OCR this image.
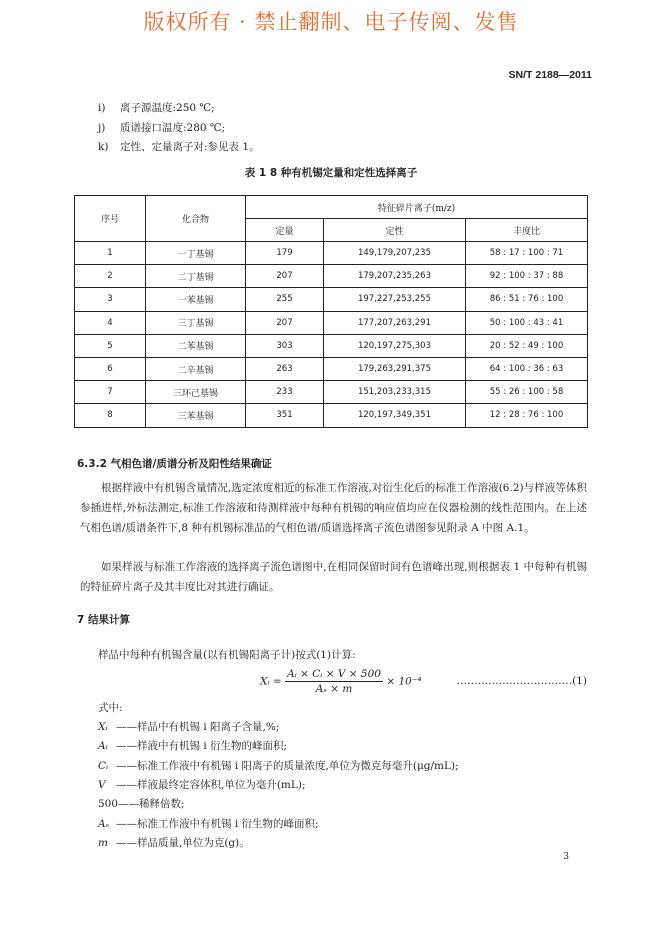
版权所有 · 禁止翻制、电子传阅、发售
SN/T 2188—2011
i) 离子源温度:250 ℃;
j) 质谱接口温度:280 ℃;
k) 定性、定量离子对:参见表 1。
表 1 8 种有机锡定量和定性选择离子
序号	化合物	特征碎片离子(m/z)		
		定量	定性	丰度比
1	一丁基锡	179	149,179,207,235	58 : 17 : 100 : 71
2	二丁基锡	207	179,207,235,263	92 : 100 : 37 : 88
3	一苯基锡	255	197,227,253,255	86 : 51 : 76 : 100
4	三丁基锡	207	177,207,263,291	50 : 100 : 43 : 41
5	二苯基锡	303	120,197,275,303	20 : 52 : 49 : 100
6	二辛基锡	263	179,263,291,375	64 : 100 : 36 : 63
7	三环己基锡	233	151,203,233,315	55 : 26 : 100 : 58
8	三苯基锡	351	120,197,349,351	12 : 28 : 76 : 100
6.3.2 气相色谱/质谱分析及阳性结果确证
根据样液中有机锡含量情况,选定浓度相近的标准工作溶液,对衍生化后的标准工作溶液(6.2)与样液等体积参插进样,外标法测定,标准工作溶液和待测样液中每种有机锡的响应值均应在仪器检测的线性范围内。在上述气相色谱/质谱条件下,8 种有机锡标准品的气相色谱/质谱选择离子流色谱图参见附录 A 中图 A.1。
如果样液与标准工作溶液的选择离子流色谱图中,在相同保留时间有色谱峰出现,则根据表 1 中每种有机锡的特征碎片离子及其丰度比对其进行确证。
7 结果计算
样品中每种有机锡含量(以有机锡阳离子计)按式(1)计算:
Xᵢ = $\frac{\text{Aᵢ × Cᵢ × V × 500}}{\text{Aₛ × m}} \times 10^{-4}$	……………………………(1)
式中:
Xᵢ ——样品中有机锡 i 阳离子含量,%;
Aᵢ ——样液中有机锡 i 衍生物的峰面积;
Cᵢ ——标准工作液中有机锡 i 阳离子的质量浓度,单位为微克每毫升(μg/mL);
V ——样液最终定容体积,单位为毫升(mL);
500——稀释倍数;
Aₛ ——标准工作液中有机锡 i 衍生物的峰面积;
m ——样品质量,单位为克(g)。
3
